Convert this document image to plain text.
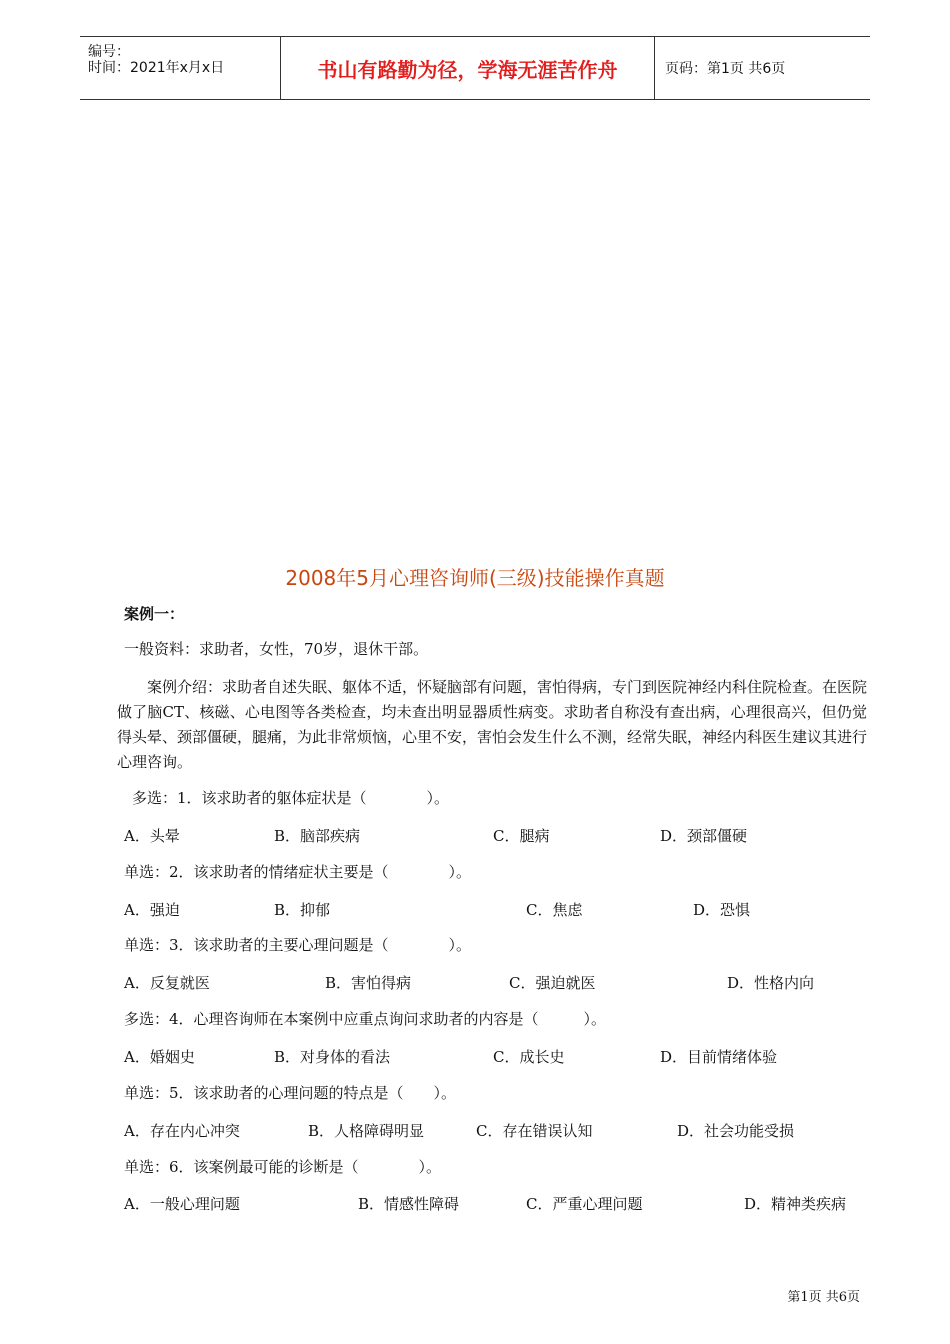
编号：
时间：2021年x月x日	书山有路勤为径，学海无涯苦作舟	页码：第1页 共6页
2008年5月心理咨询师(三级)技能操作真题
案例一：
一般资料：求助者，女性，70岁，退休干部。
案例介绍：求助者自述失眠、躯体不适，怀疑脑部有问题，害怕得病，专门到医院神经内科住院检查。在医院做了脑CT、核磁、心电图等各类检查，均未查出明显器质性病变。求助者自称没有查出病，心理很高兴，但仍觉得头晕、颈部僵硬，腿痛，为此非常烦恼，心里不安，害怕会发生什么不测，经常失眠，神经内科医生建议其进行心理咨询。
多选：1．该求助者的躯体症状是（　　　　）。
A．头晕	B．脑部疾病	C．腿病	D．颈部僵硬
单选：2．该求助者的情绪症状主要是（　　　　）。
A．强迫	B．抑郁	C．焦虑	D．恐惧
单选：3．该求助者的主要心理问题是（　　　　）。
A．反复就医	B．害怕得病	C．强迫就医	D．性格内向
多选：4．心理咨询师在本案例中应重点询问求助者的内容是（　　　）。
A．婚姻史	B．对身体的看法	C．成长史	D．目前情绪体验
单选：5．该求助者的心理问题的特点是（　　）。
A．存在内心冲突	B．人格障碍明显	C．存在错误认知	D．社会功能受损
单选：6．该案例最可能的诊断是（　　　　）。
A．一般心理问题	B．情感性障碍	C．严重心理问题	D．精神类疾病
第1页 共6页
